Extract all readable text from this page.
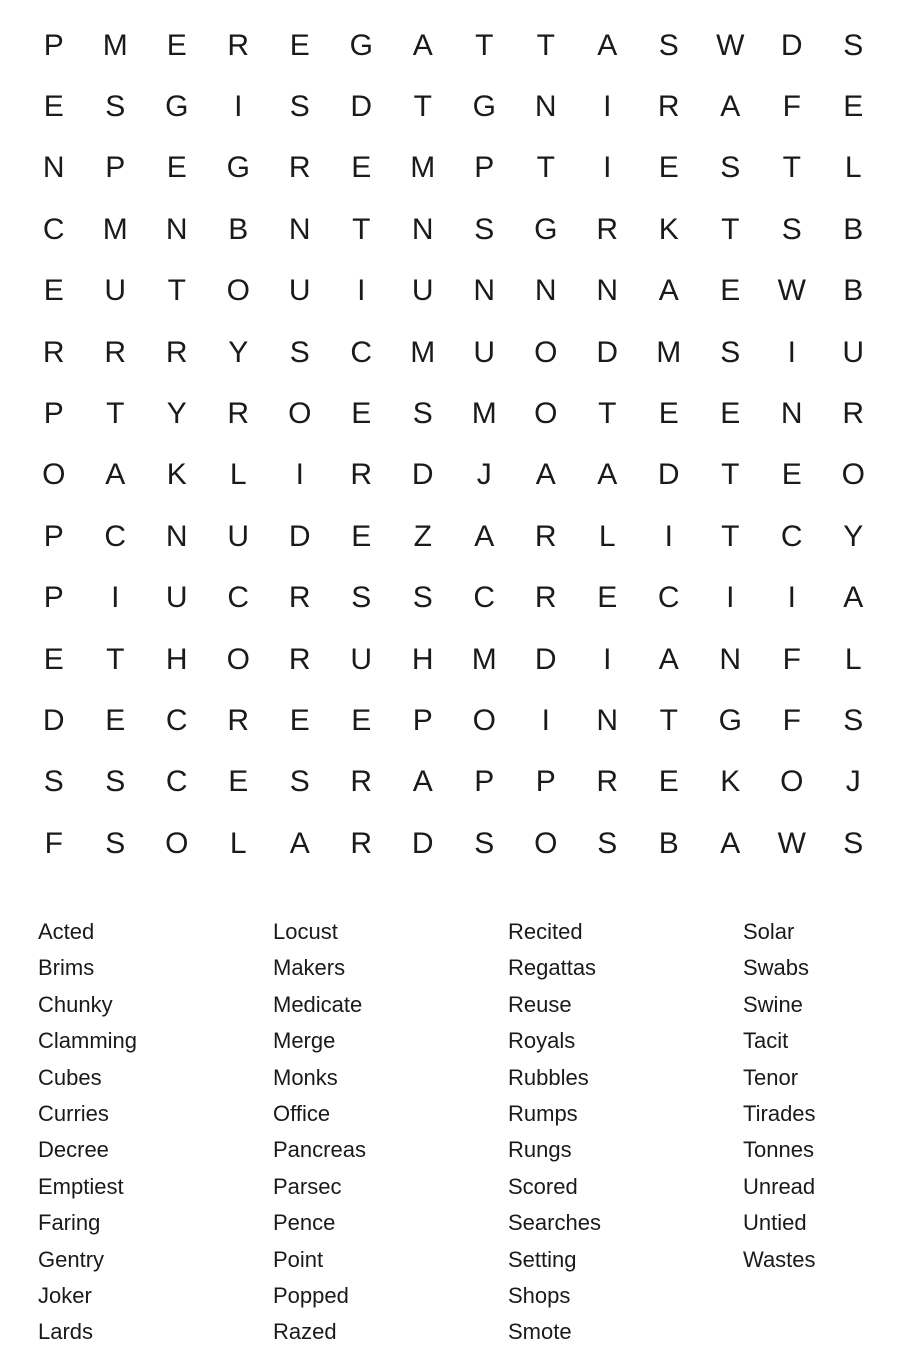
P	M	E	R	E	G	A	T	T	A	S	W	D	S
E	S	G	I	S	D	T	G	N	I	R	A	F	E
N	P	E	G	R	E	M	P	T	I	E	S	T	L
C	M	N	B	N	T	N	S	G	R	K	T	S	B
E	U	T	O	U	I	U	N	N	N	A	E	W	B
R	R	R	Y	S	C	M	U	O	D	M	S	I	U
P	T	Y	R	O	E	S	M	O	T	E	E	N	R
O	A	K	L	I	R	D	J	A	A	D	T	E	O
P	C	N	U	D	E	Z	A	R	L	I	T	C	Y
P	I	U	C	R	S	S	C	R	E	C	I	I	A
E	T	H	O	R	U	H	M	D	I	A	N	F	L
D	E	C	R	E	E	P	O	I	N	T	G	F	S
S	S	C	E	S	R	A	P	P	R	E	K	O	J
F	S	O	L	A	R	D	S	O	S	B	A	W	S
Acted
Brims
Chunky
Clamming
Cubes
Curries
Decree
Emptiest
Faring
Gentry
Joker
Lards
Locust
Makers
Medicate
Merge
Monks
Office
Pancreas
Parsec
Pence
Point
Popped
Razed
Recited
Regattas
Reuse
Royals
Rubbles
Rumps
Rungs
Scored
Searches
Setting
Shops
Smote
Solar
Swabs
Swine
Tacit
Tenor
Tirades
Tonnes
Unread
Untied
Wastes
